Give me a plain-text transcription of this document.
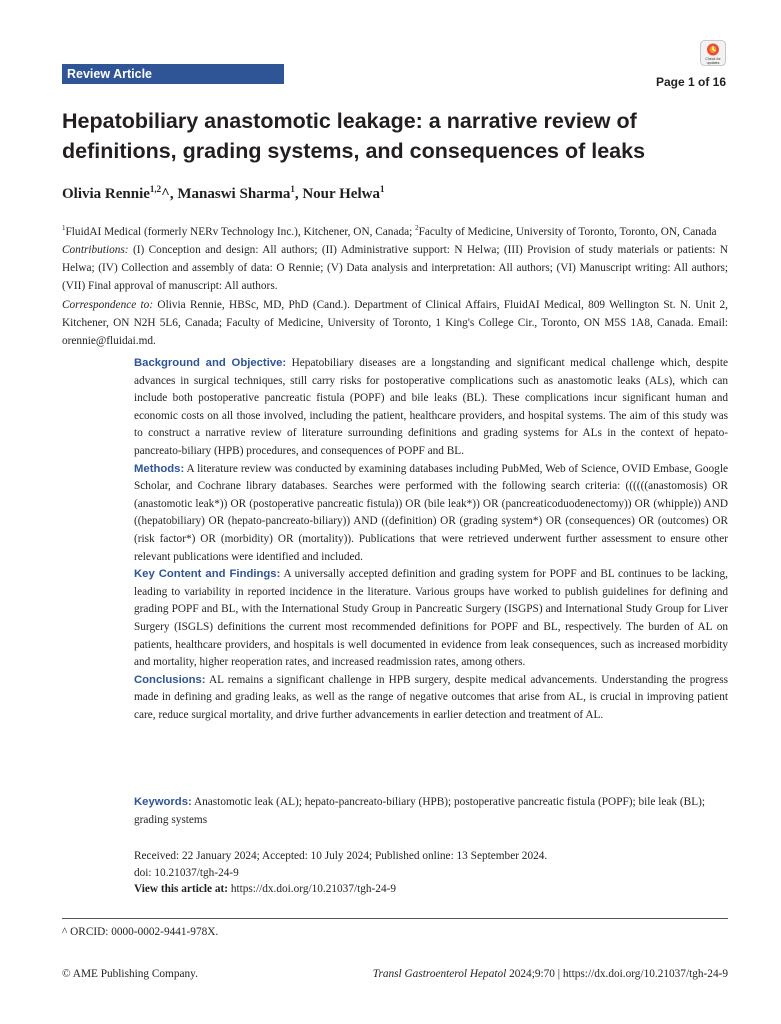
Review Article
Check for
updates
Page 1 of 16
Hepatobiliary anastomotic leakage: a narrative review of definitions, grading systems, and consequences of leaks
Olivia Rennie$^{1,2}$^, Manaswi Sharma$^1$, Nour Helwa$^1$

$^1$FluidAI Medical (formerly NERv Technology Inc.), Kitchener, ON, Canada; $^2$Faculty of Medicine, University of Toronto, Toronto, ON, Canada

Contributions: (I) Conception and design: All authors; (II) Administrative support: N Helwa; (III) Provision of study materials or patients: N Helwa; (IV) Collection and assembly of data: O Rennie; (V) Data analysis and interpretation: All authors; (VI) Manuscript writing: All authors; (VII) Final approval of manuscript: All authors.

Correspondence to: Olivia Rennie, HBSc, MD, PhD (Cand.). Department of Clinical Affairs, FluidAI Medical, 809 Wellington St. N. Unit 2, Kitchener, ON N2H 5L6, Canada; Faculty of Medicine, University of Toronto, 1 King's College Cir., Toronto, ON M5S 1A8, Canada. Email: orennie@fluidai.md.

Background and Objective: Hepatobiliary diseases are a longstanding and significant medical challenge which, despite advances in surgical techniques, still carry risks for postoperative complications such as anastomotic leaks (ALs), which can include both postoperative pancreatic fistula (POPF) and bile leaks (BL). These complications incur significant human and economic costs on all those involved, including the patient, healthcare providers, and hospital systems. The aim of this study was to construct a narrative review of literature surrounding definitions and grading systems for ALs in the context of hepato-pancreato-biliary (HPB) procedures, and consequences of POPF and BL.

Methods: A literature review was conducted by examining databases including PubMed, Web of Science, OVID Embase, Google Scholar, and Cochrane library databases. Searches were performed with the following search criteria: ((((((anastomosis) OR (anastomotic leak*)) OR (postoperative pancreatic fistula)) OR (bile leak*)) OR (pancreaticoduodenectomy)) OR (whipple)) AND ((hepatobiliary) OR (hepato-pancreato-biliary)) AND ((definition) OR (grading system*) OR (consequences) OR (outcomes) OR (risk factor*) OR (morbidity) OR (mortality)). Publications that were retrieved underwent further assessment to ensure other relevant publications were identified and included.

Key Content and Findings: A universally accepted definition and grading system for POPF and BL continues to be lacking, leading to variability in reported incidence in the literature. Various groups have worked to publish guidelines for defining and grading POPF and BL, with the International Study Group in Pancreatic Surgery (ISGPS) and International Study Group for Liver Surgery (ISGLS) definitions the current most recommended definitions for POPF and BL, respectively. The burden of AL on patients, healthcare providers, and hospitals is well documented in evidence from leak consequences, such as increased morbidity and mortality, higher reoperation rates, and increased readmission rates, among others.

Conclusions: AL remains a significant challenge in HPB surgery, despite medical advancements. Understanding the progress made in defining and grading leaks, as well as the range of negative outcomes that arise from AL, is crucial in improving patient care, reduce surgical mortality, and drive further advancements in earlier detection and treatment of AL.

Keywords: Anastomotic leak (AL); hepato-pancreato-biliary (HPB); postoperative pancreatic fistula (POPF); bile leak (BL); grading systems

Received: 22 January 2024; Accepted: 10 July 2024; Published online: 13 September 2024.

doi: 10.21037/tgh-24-9

View this article at: https://dx.doi.org/10.21037/tgh-24-9

^ ORCID: 0000-0002-9441-978X.
© AME Publishing Company.	Transl Gastroenterol Hepatol 2024;9:70 | https://dx.doi.org/10.21037/tgh-24-9
